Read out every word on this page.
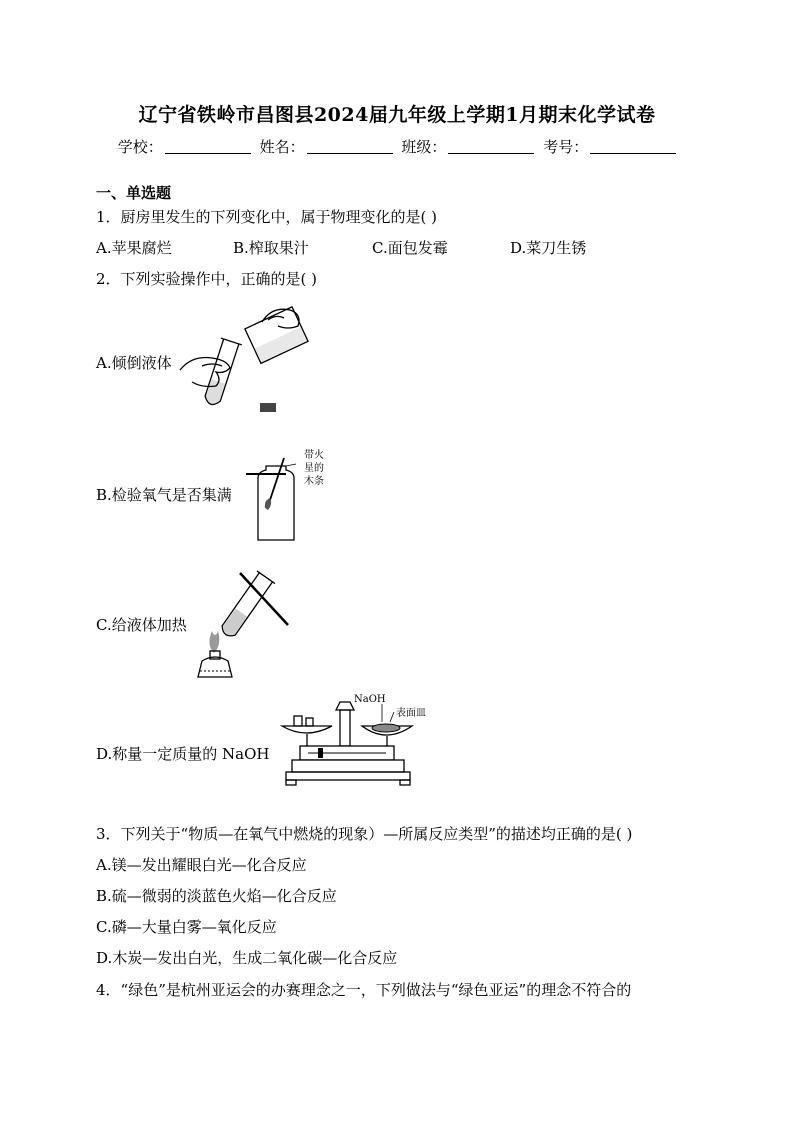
辽宁省铁岭市昌图县2024届九年级上学期1月期末化学试卷
学校：	姓名：	班级：	考号：
一、单选题
1．厨房里发生的下列变化中，属于物理变化的是( )
A.苹果腐烂	B.榨取果汁	C.面包发霉	D.菜刀生锈
2．下列实验操作中，正确的是( )
A.倾倒液体
B.检验氧气是否集满
带火
星的
木条
C.给液体加热
D.称量一定质量的 NaOH
NaOH
表面皿
3．下列关于“物质—在氧气中燃烧的现象）—所属反应类型”的描述均正确的是( )
A.镁—发出耀眼白光—化合反应
B.硫—微弱的淡蓝色火焰—化合反应
C.磷—大量白雾—氧化反应
D.木炭—发出白光，生成二氧化碳—化合反应
4．“绿色”是杭州亚运会的办赛理念之一，下列做法与“绿色亚运”的理念不符合的
